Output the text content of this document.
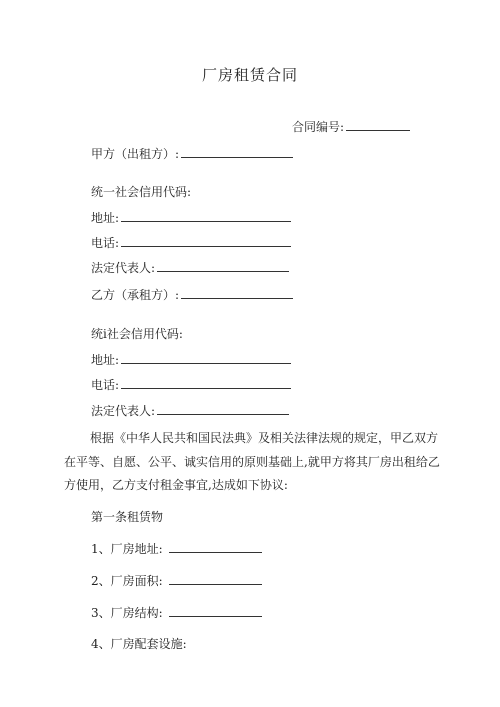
厂房租赁合同
合同编号:
甲方（出租方）:
统一社会信用代码:
地址:
电话:
法定代表人:
乙方（承租方）:
统i社会信用代码:
地址:
电话:
法定代表人:
根据《中华人民共和国民法典》及相关法律法规的规定，甲乙双方在平等、自愿、公平、诚实信用的原则基础上,就甲方将其厂房出租给乙方使用，乙方支付租金事宜,达成如下协议:
第一条租赁物
1、厂房地址:
2、厂房面积:
3、厂房结构:
4、厂房配套设施:
